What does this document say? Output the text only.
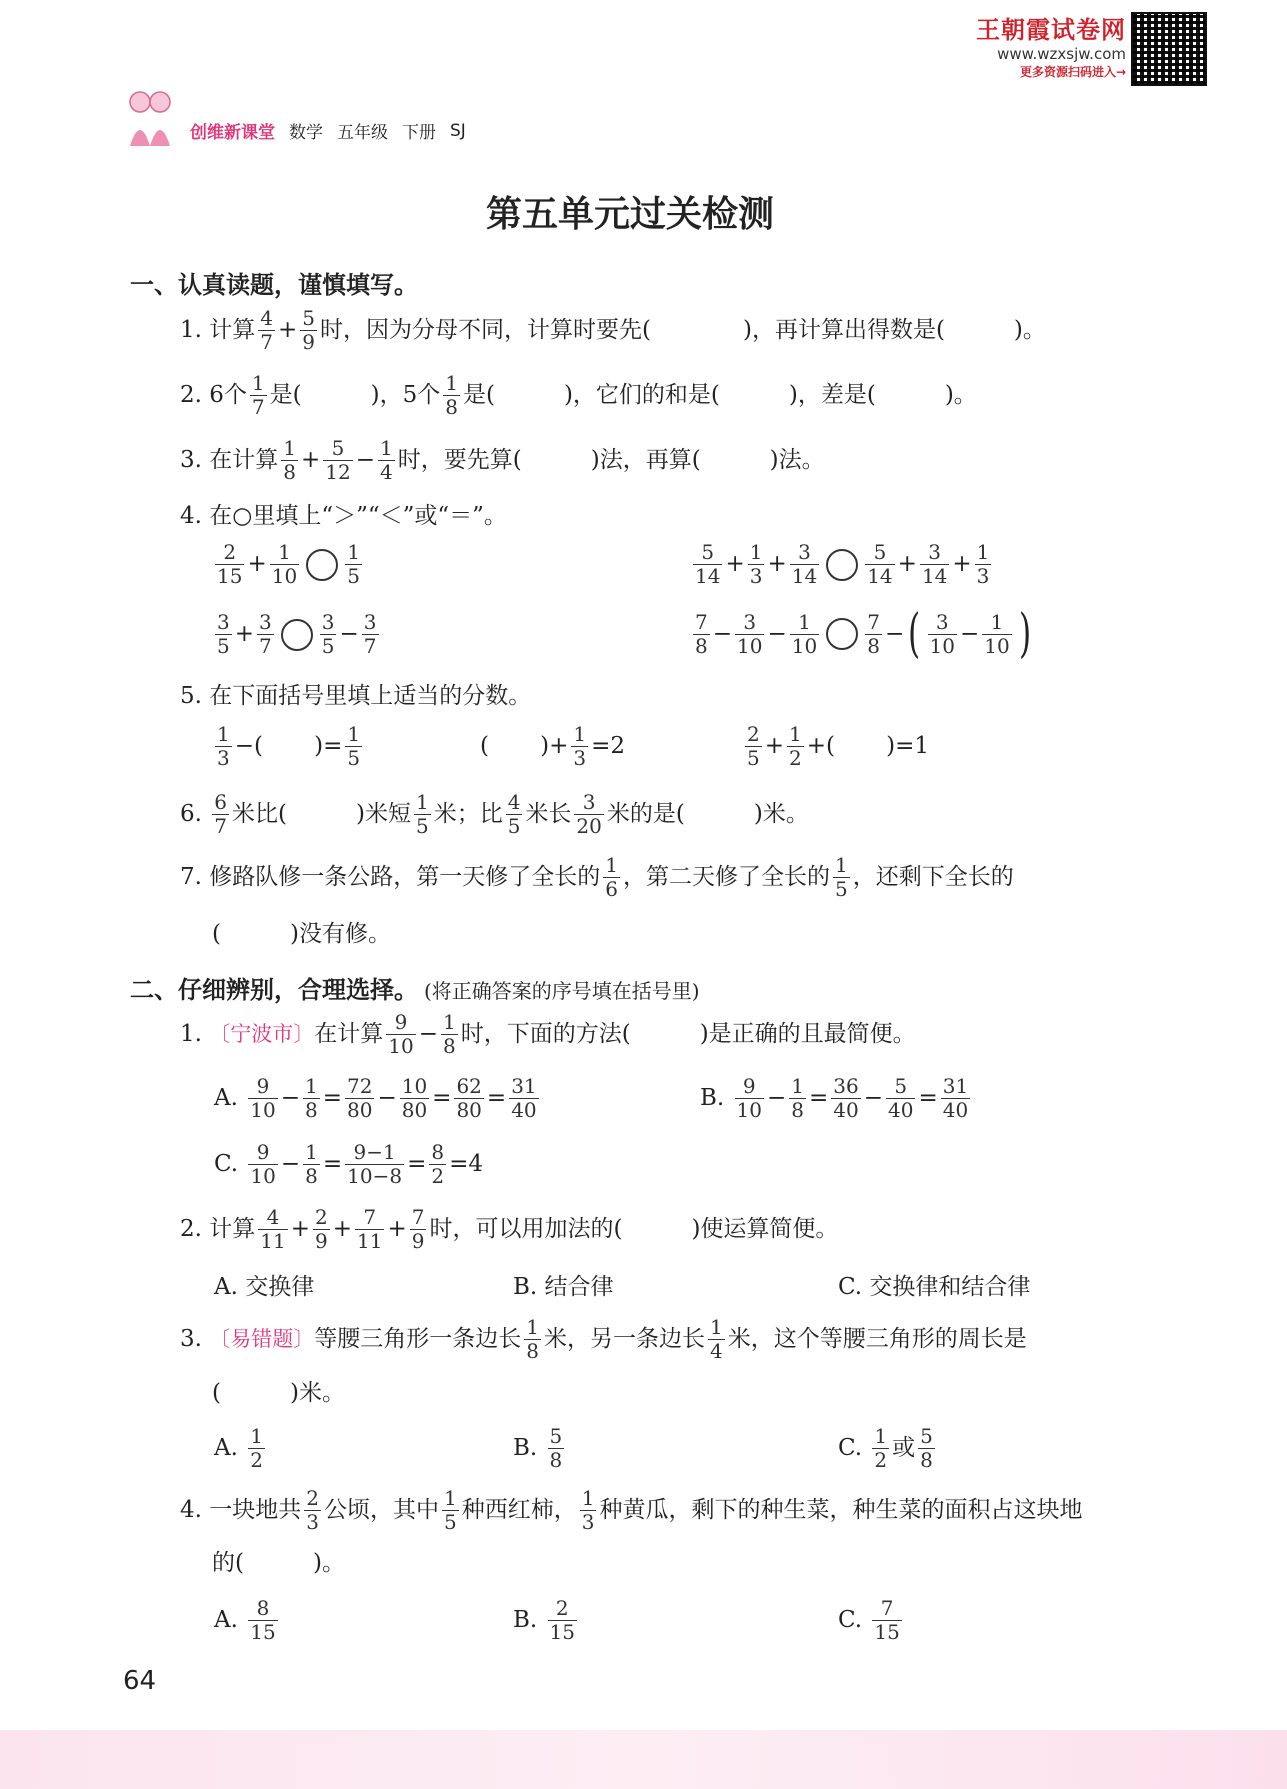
王朝霞试卷网
www.wzxsjw.com
更多资源扫码进入→
创维新课堂 数学 五年级 下册 SJ
第五单元过关检测
一、认真读题，谨慎填写。
1.
计算 $\frac{4}{7} + \frac{5}{9}$ 时，因为分母不同，计算时要先(　　　　)，再计算出得数是(　　　)。
2.
6个 $\frac{1}{7}$ 是(　　　)，5个 $\frac{1}{8}$ 是(　　　)，它们的和是(　　　)，差是(　　　)。
3.
在计算 $\frac{1}{8} + \frac{5}{12} - \frac{1}{4}$ 时，要先算(　　　)法，再算(　　　)法。
4.
在○里填上“＞”“＜”或“＝”。
$\frac{2}{15} + \frac{1}{10} \frac{1}{5}$	$\frac{5}{14} + \frac{1}{3} + \frac{3}{14} \frac{5}{14} + \frac{3}{14} + \frac{1}{3}$
$\frac{3}{5} + \frac{3}{7} \frac{3}{5} - \frac{3}{7}$	$\frac{7}{8} - \frac{3}{10} - \frac{1}{10} \frac{7}{8}$ − ( $\frac{3}{10} - \frac{1}{10}$ )
5.
在下面括号里填上适当的分数。
$\frac{1}{3}$ −(       )= $\frac{1}{5}$	(       )+ $\frac{1}{3} =2$	$\frac{2}{5} + \frac{1}{2}$ +(       )=1
6.
$\frac{6}{7}$ 米比(　　　)米短 $\frac{1}{5}$ 米；比 $\frac{4}{5}$ 米长 $\frac{3}{20}$ 米的是(　　　)米。
7.
修路队修一条公路，第一天修了全长的 $\frac{1}{6}$ ，第二天修了全长的 $\frac{1}{5}$ ，还剩下全长的
(　　　)没有修。
二、仔细辨别，合理选择。 (将正确答案的序号填在括号里)
1.
〔宁波市〕 在计算 $\frac{9}{10} - \frac{1}{8}$ 时，下面的方法(　　　)是正确的且最简便。
A.
$\frac{9}{10} - \frac{1}{8} = \frac{72}{80} - \frac{10}{80} = \frac{62}{80} = \frac{31}{40}$	B.
$\frac{9}{10} - \frac{1}{8} = \frac{36}{40} - \frac{5}{40} = \frac{31}{40}$
C.
$\frac{9}{10} - \frac{1}{8} = \frac{9-1}{10-8} = \frac{8}{2} =4$
2.
计算 $\frac{4}{11} + \frac{2}{9} + \frac{7}{11} + \frac{7}{9}$ 时，可以用加法的(　　　)使运算简便。
A. 交换律	B. 结合律	C. 交换律和结合律
3.
〔易错题〕 等腰三角形一条边长 $\frac{1}{8}$ 米，另一条边长 $\frac{1}{4}$ 米，这个等腰三角形的周长是
(　　　)米。
A.
$\frac{1}{2}$	B.
$\frac{5}{8}$	C.
$\frac{1}{2}$ 或 $\frac{5}{8}$
4.
一块地共 $\frac{2}{3}$ 公顷，其中 $\frac{1}{5}$ 种西红柿， $\frac{1}{3}$ 种黄瓜，剩下的种生菜，种生菜的面积占这块地
的(　　　)。
A.
$\frac{8}{15}$	B.
$\frac{2}{15}$	C.
$\frac{7}{15}$
64
